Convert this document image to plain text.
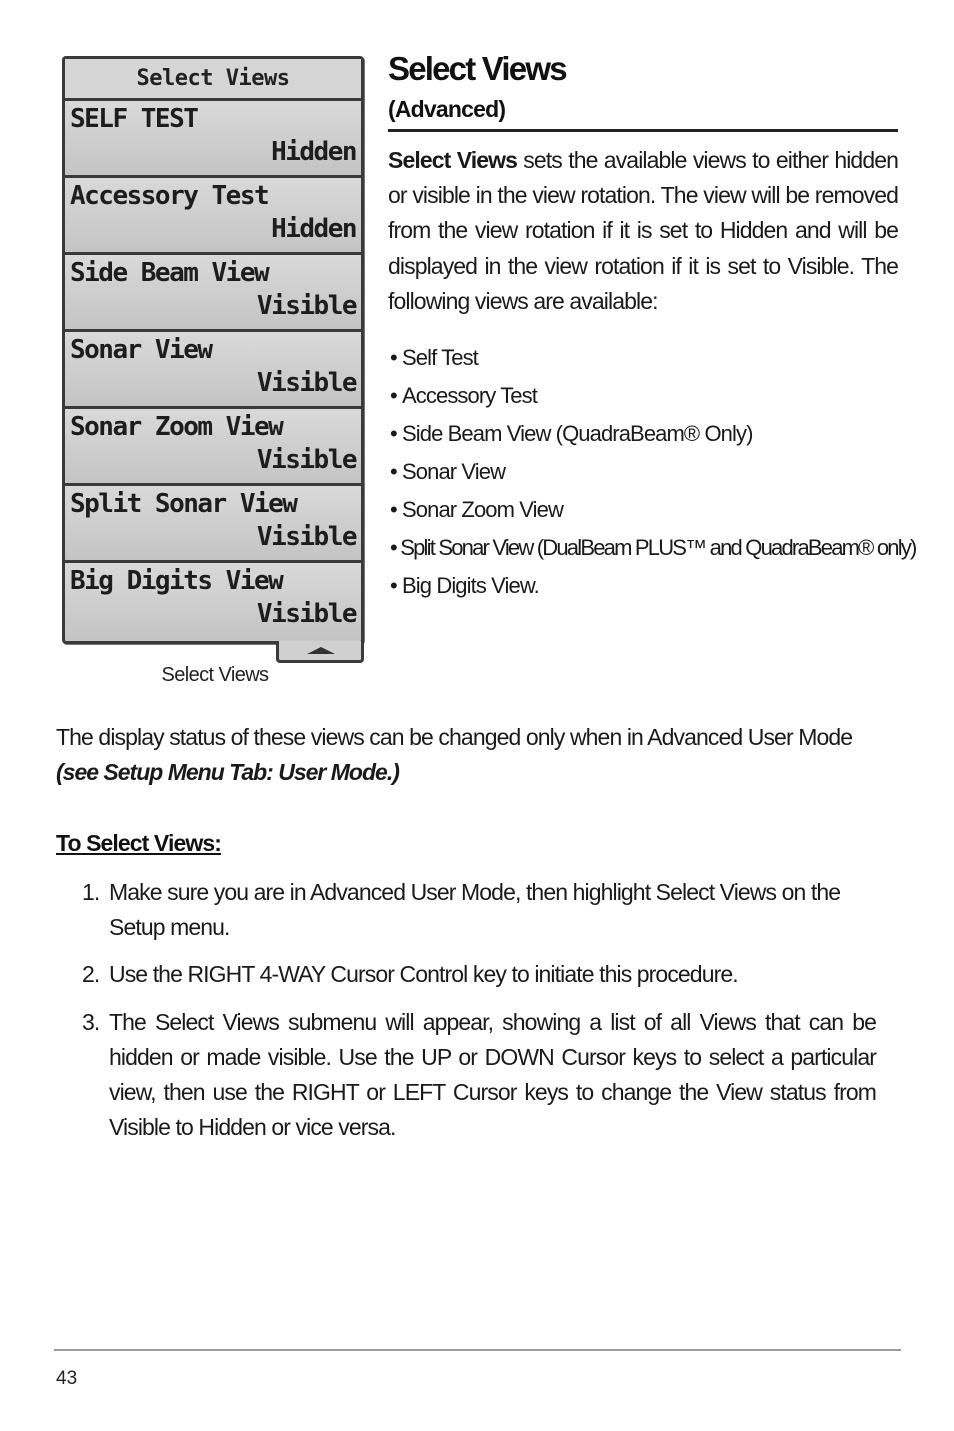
Select Views
SELF TEST
Hidden
Accessory Test
Hidden
Side Beam View
Visible
Sonar View
Visible
Sonar Zoom View
Visible
Split Sonar View
Visible
Big Digits View
Visible
Select Views
Select Views
(Advanced)
Select Views sets the available views to either hidden or visible in the view rotation. The view will be removed from the view rotation if it is set to Hidden and will be displayed in the view rotation if it is set to Visible. The following views are available:
• Self Test
• Accessory Test
• Side Beam View (QuadraBeam® Only)
• Sonar View
• Sonar Zoom View
• Split Sonar View (DualBeam PLUS™ and QuadraBeam® only)
• Big Digits View.
The display status of these views can be changed only when in Advanced User Mode
(see Setup Menu Tab: User Mode.)
To Select Views:
1. Make sure you are in Advanced User Mode, then highlight Select Views on the Setup menu.
2. Use the RIGHT 4-WAY Cursor Control key to initiate this procedure.
3. The Select Views submenu will appear, showing a list of all Views that can be hidden or made visible. Use the UP or DOWN Cursor keys to select a particular view, then use the RIGHT or LEFT Cursor keys to change the View status from Visible to Hidden or vice versa.
43
